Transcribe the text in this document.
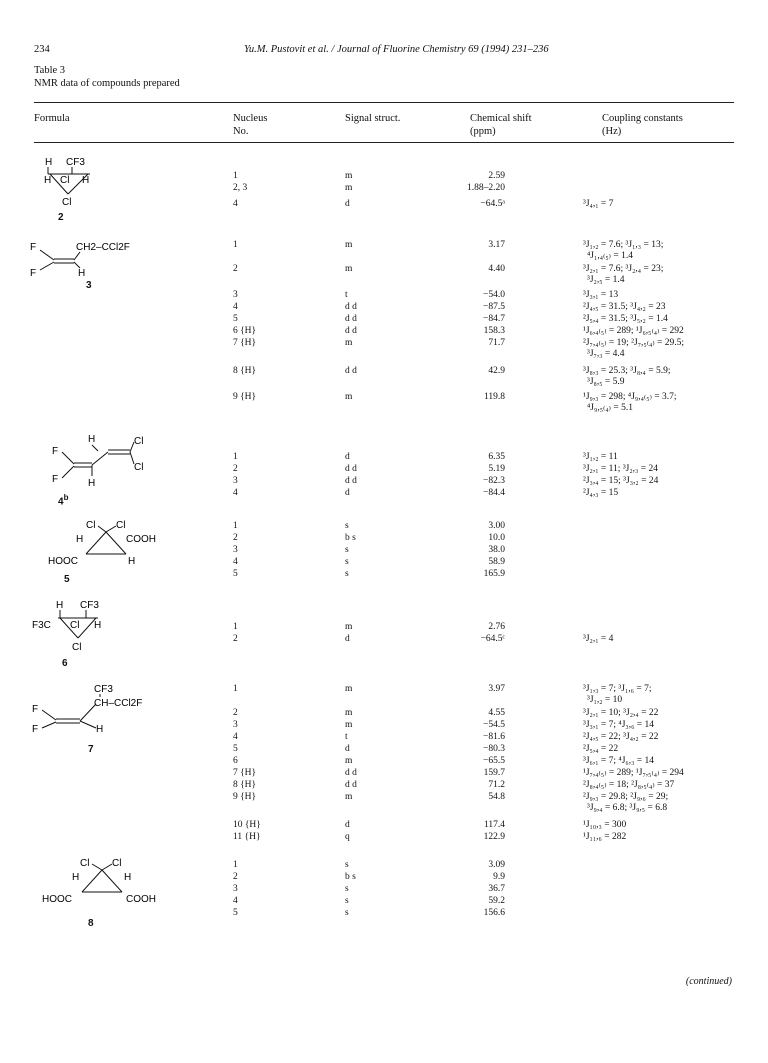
234	Yu.M. Pustovit et al. / Journal of Fluorine Chemistry 69 (1994) 231–236
Table 3
NMR data of compounds prepared
Formula	Nucleus
No.
Signal struct.	Chemical shift
(ppm)
Coupling constants
(Hz)
H CF3
H Cl H
Cl
2
F	CH2–CCl2F
F	H
3
H	Cl
F
Cl
F	H
4$^b$
Cl Cl
H	COOH
HOOC	H
5
H CF3
F3C Cl H
Cl
6
CF3
CH–CCl2F
F
F	H
7
Cl Cl
H	H
HOOC	COOH
8
1	m	2.59
2, 3	m	1.88–2.20
4	d	−64.5ᵃ	³J₄,₁ = 7
1	m	3.17	³J₁,₂ = 7.6; ³J₁,₃ = 13;
⁴J₁,₄₍₅₎ = 1.4
2	m	4.40	³J₂,₁ = 7.6; ³J₂,₄ = 23;
³J₂,₅ = 1.4
3	t	−54.0	³J₃,₁ = 13
4	d d	−87.5	²J₄,₅ = 31.5; ³J₄,₂ = 23
5	d d	−84.7	²J₅,₄ = 31.5; ³J₅,₂ = 1.4
6 {H}	d d	158.3	¹J₆,₄₍₅₎ = 289; ¹J₆,₅₍₄₎ = 292
7 {H}	m	71.7	²J₇,₄₍₅₎ = 19; ²J₇,₅₍₄₎ = 29.5;
³J₇,₃ = 4.4
8 {H}	d d	42.9	³J₈,₃ = 25.3; ³J₈,₄ = 5.9;
³J₈,₅ = 5.9
9 {H}	m	119.8	¹J₉,₃ = 298; ⁴J₉,₄₍₅₎ = 3.7;
⁴J₉,₅₍₄₎ = 5.1
1	d	6.35	³J₁,₂ = 11
2	d d	5.19	³J₂,₁ = 11; ³J₂,₃ = 24
3	d d	−82.3	²J₃,₄ = 15; ³J₃,₂ = 24
4	d	−84.4	²J₄,₃ = 15
1	s	3.00
2	b s	10.0
3	s	38.0
4	s	58.9
5	s	165.9
1	m	2.76
2	d	−64.5ᶜ	³J₂,₁ = 4
1	m	3.97	³J₁,₃ = 7; ³J₁,₆ = 7;
³J₁,₂ = 10
2	m	4.55	³J₂,₁ = 10; ³J₂,₄ = 22
3	m	−54.5	³J₃,₁ = 7; ⁴J₃,₆ = 14
4	t	−81.6	²J₄,₅ = 22; ³J₄,₂ = 22
5	d	−80.3	²J₅,₄ = 22
6	m	−65.5	³J₆,₁ = 7; ⁴J₆,₃ = 14
7 {H}	d d	159.7	¹J₇,₄₍₅₎ = 289; ¹J₇,₅₍₄₎ = 294
8 {H}	d d	71.2	²J₈,₄₍₅₎ = 18; ²J₈,₅₍₄₎ = 37
9 {H}	m	54.8	²J₉,₃ = 29.8; ²J₉,₆ = 29;
³J₉,₄ = 6.8; ³J₉,₅ = 6.8
10 {H}	d	117.4	¹J₁₀,₃ = 300
11 {H}	q	122.9	¹J₁₁,₆ = 282
1	s	3.09
2	b s	9.9
3	s	36.7
4	s	59.2
5	s	156.6
(continued)
